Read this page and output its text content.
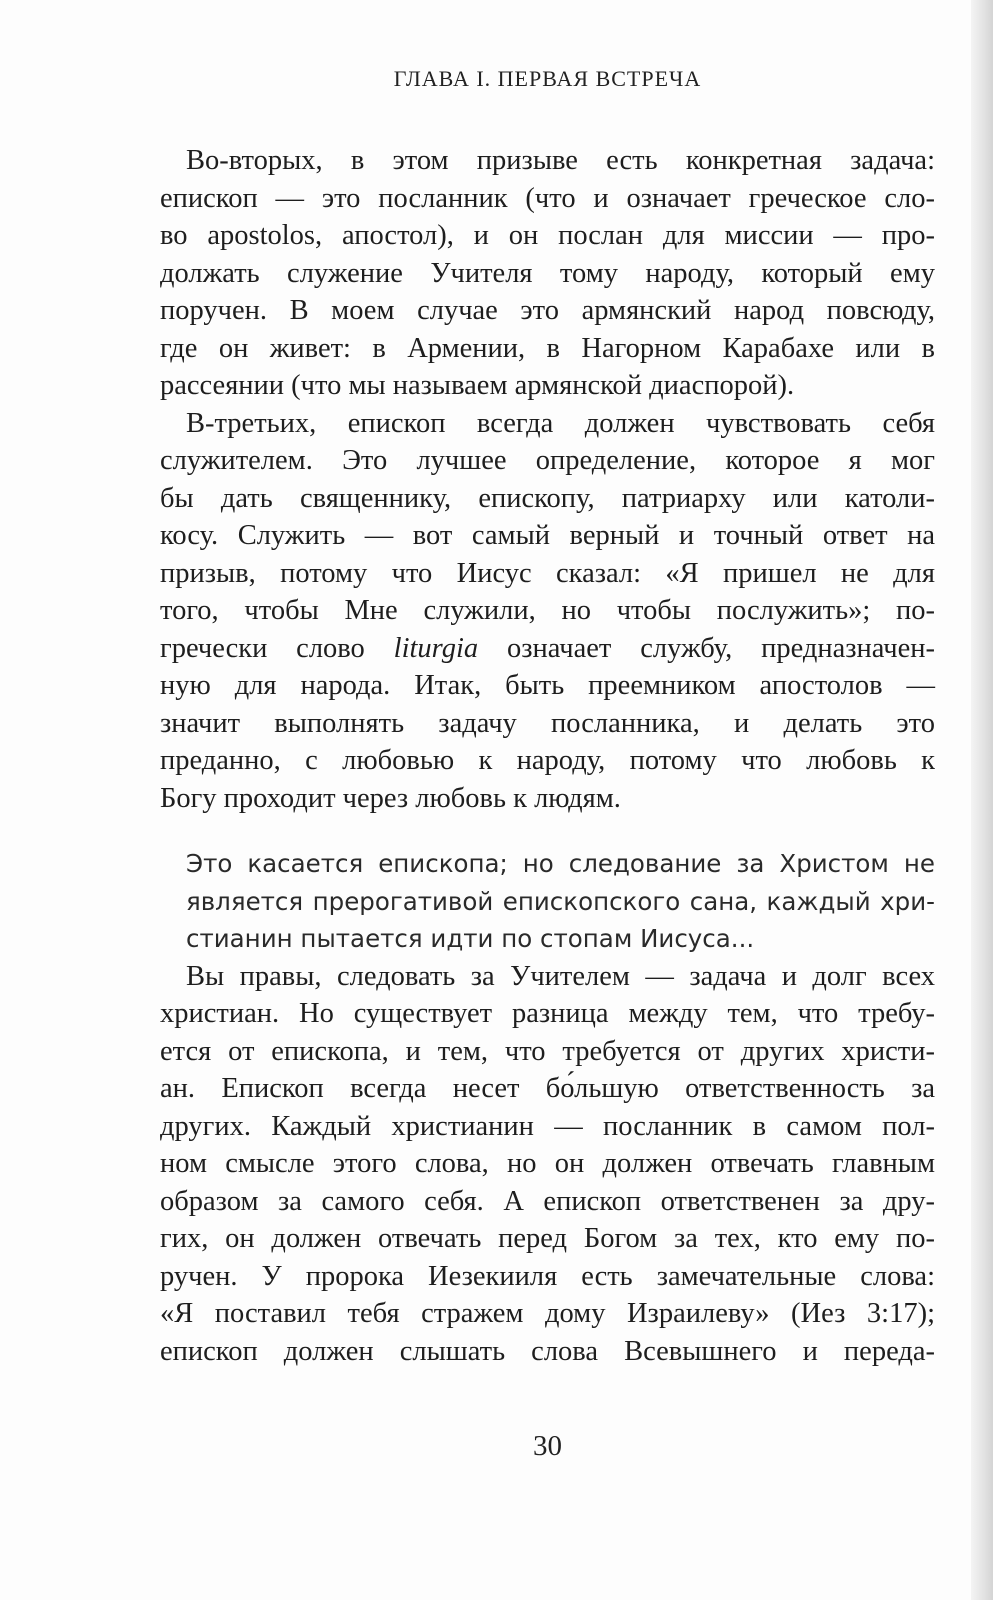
ГЛАВА I. ПЕРВАЯ ВСТРЕЧА

Во-вторых, в этом призыве есть конкретная задача:
епископ — это посланник (что и означает греческое сло-
во apostolos, апостол), и он послан для миссии — про-
должать служение Учителя тому народу, который ему
поручен. В моем случае это армянский народ повсюду,
где он живет: в Армении, в Нагорном Карабахе или в
рассеянии (что мы называем армянской диаспорой).

В-третьих, епископ всегда должен чувствовать себя
служителем. Это лучшее определение, которое я мог
бы дать священнику, епископу, патриарху или католи-
косу. Служить — вот самый верный и точный ответ на
призыв, потому что Иисус сказал: «Я пришел не для
того, чтобы Мне служили, но чтобы послужить»; по-
гречески слово liturgia означает службу, предназначен-
ную для народа. Итак, быть преемником апостолов —
значит выполнять задачу посланника, и делать это
преданно, с любовью к народу, потому что любовь к
Богу проходит через любовь к людям.

Это касается епископа; но следование за Христом не
является прерогативой епископского сана, каждый хри-
стианин пытается идти по стопам Иисуса...

Вы правы, следовать за Учителем — задача и долг всех
христиан. Но существует разница между тем, что требу-
ется от епископа, и тем, что требуется от других христи-
ан. Епископ всегда несет бо́льшую ответственность за
других. Каждый христианин — посланник в самом пол-
ном смысле этого слова, но он должен отвечать главным
образом за самого себя. А епископ ответственен за дру-
гих, он должен отвечать перед Богом за тех, кто ему по-
ручен. У пророка Иезекииля есть замечательные слова:
«Я поставил тебя стражем дому Израилеву» (Иез 3:17);
епископ должен слышать слова Всевышнего и переда-

30
